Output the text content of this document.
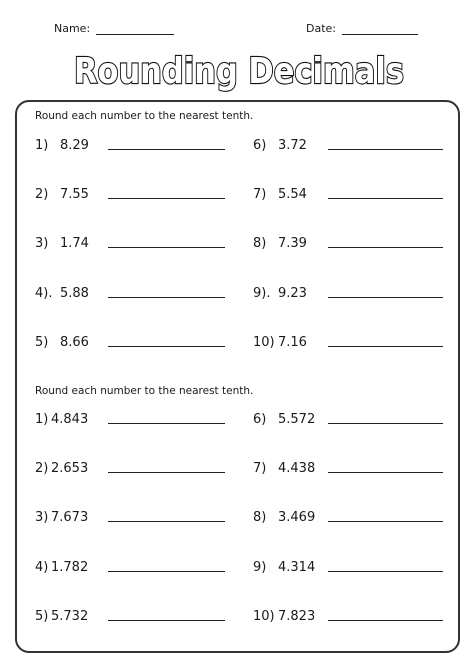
Name:	Date:
Rounding Decimals
Round each number to the nearest tenth.
1) 8.29
2) 7.55
3) 1.74
4). 5.88
5) 8.66
6) 3.72
7) 5.54
8) 7.39
9). 9.23
10) 7.16
Round each number to the nearest tenth.
1) 4.843
2) 2.653
3) 7.673
4) 1.782
5) 5.732
6) 5.572
7) 4.438
8) 3.469
9) 4.314
10) 7.823
